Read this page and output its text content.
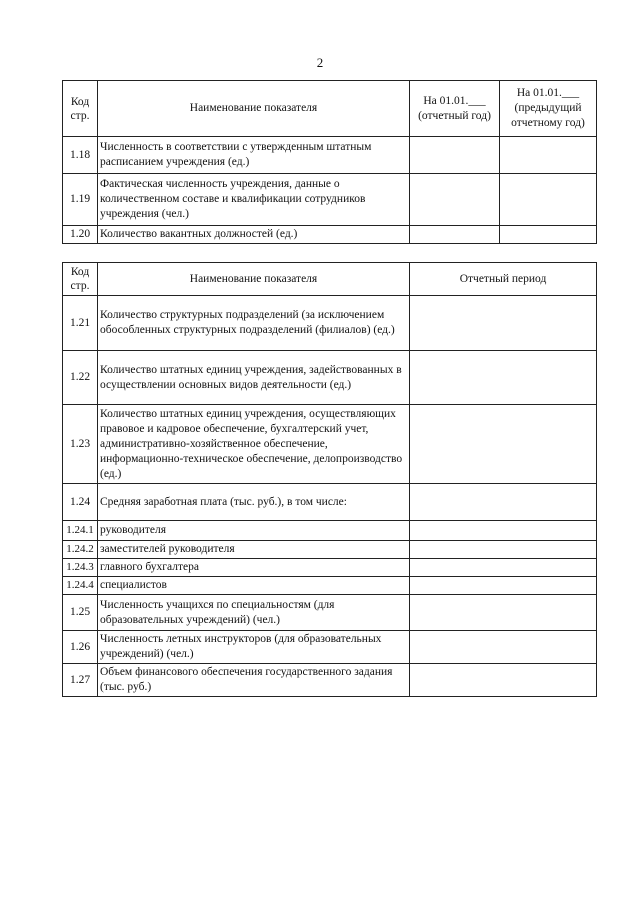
2
Код стр.	Наименование показателя	На 01.01.___ (отчетный год)	На 01.01.___ (предыдущий отчетному год)
1.18	Численность в соответствии с утвержденным штатным расписанием учреждения (ед.)		
1.19	Фактическая численность учреждения, данные о количественном составе и квалификации сотрудников учреждения (чел.)		
1.20	Количество вакантных должностей (ед.)		
Код стр.	Наименование показателя	Отчетный период
1.21	Количество структурных подразделений (за исключением обособленных структурных подразделений (филиалов) (ед.)	
1.22	Количество штатных единиц учреждения, задействованных в осуществлении основных видов деятельности (ед.)	
1.23	Количество штатных единиц учреждения, осуществляющих правовое и кадровое обеспечение, бухгалтерский учет, административно-хозяйственное обеспечение, информационно-техническое обеспечение, делопроизводство (ед.)	
1.24	Средняя заработная плата (тыс. руб.), в том числе:	
1.24.1	руководителя	
1.24.2	заместителей руководителя	
1.24.3	главного бухгалтера	
1.24.4	специалистов	
1.25	Численность учащихся по специальностям (для образовательных учреждений) (чел.)	
1.26	Численность летных инструкторов (для образовательных учреждений) (чел.)	
1.27	Объем финансового обеспечения государственного задания (тыс. руб.)	
